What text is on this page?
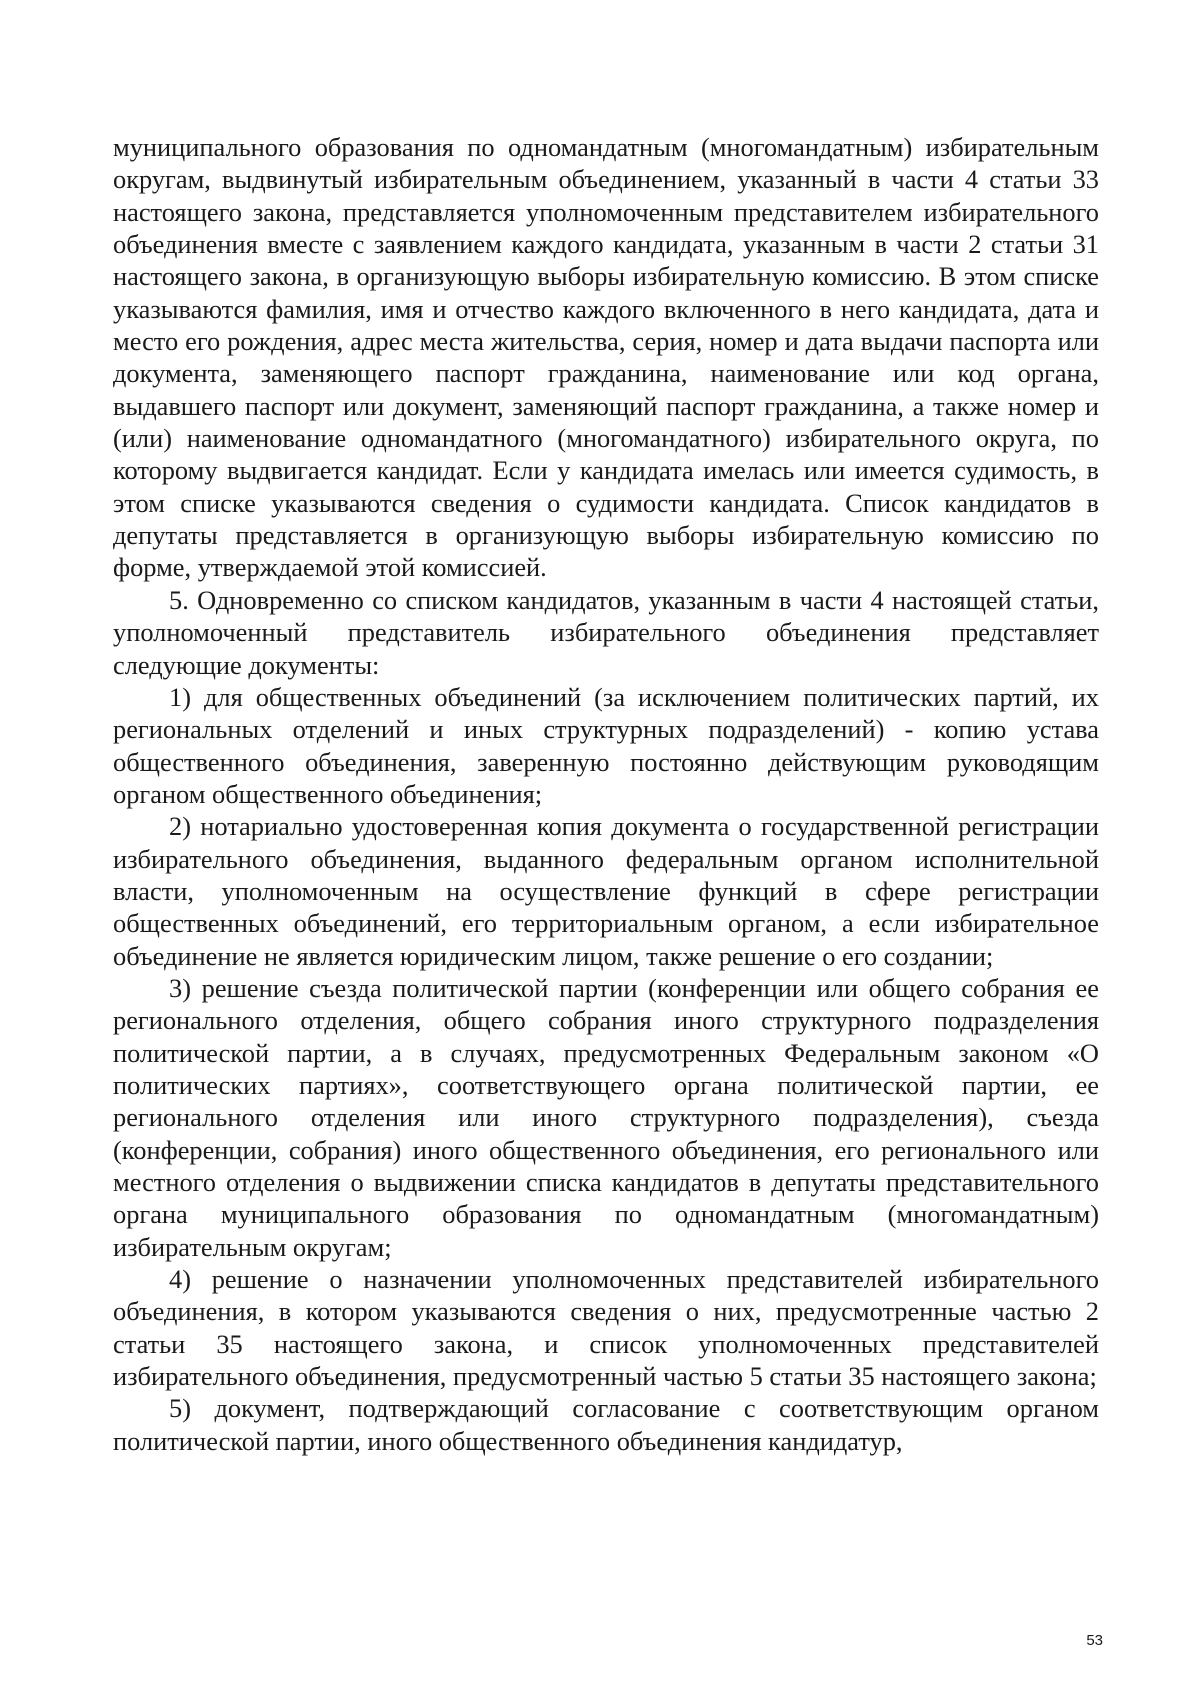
муниципального образования по одномандатным (многомандатным) избирательным округам, выдвинутый избирательным объединением, указанный в части 4 статьи 33 настоящего закона, представляется уполномоченным представителем избирательного объединения вместе с заявлением каждого кандидата, указанным в части 2 статьи 31 настоящего закона, в организующую выборы избирательную комиссию. В этом списке указываются фамилия, имя и отчество каждого включенного в него кандидата, дата и место его рождения, адрес места жительства, серия, номер и дата выдачи паспорта или документа, заменяющего паспорт гражданина, наименование или код органа, выдавшего паспорт или документ, заменяющий паспорт гражданина, а также номер и (или) наименование одномандатного (многомандатного) избирательного округа, по которому выдвигается кандидат. Если у кандидата имелась или имеется судимость, в этом списке указываются сведения о судимости кандидата. Список кандидатов в депутаты представляется в организующую выборы избирательную комиссию по форме, утверждаемой этой комиссией.

5. Одновременно со списком кандидатов, указанным в части 4 настоящей статьи, уполномоченный представитель избирательного объединения представляет следующие документы:

1) для общественных объединений (за исключением политических партий, их региональных отделений и иных структурных подразделений) - копию устава общественного объединения, заверенную постоянно действующим руководящим органом общественного объединения;

2) нотариально удостоверенная копия документа о государственной регистрации избирательного объединения, выданного федеральным органом исполнительной власти, уполномоченным на осуществление функций в сфере регистрации общественных объединений, его территориальным органом, а если избирательное объединение не является юридическим лицом, также решение о его создании;

3) решение съезда политической партии (конференции или общего собрания ее регионального отделения, общего собрания иного структурного подразделения политической партии, а в случаях, предусмотренных Федеральным законом «О политических партиях», соответствующего органа политической партии, ее регионального отделения или иного структурного подразделения), съезда (конференции, собрания) иного общественного объединения, его регионального или местного отделения о выдвижении списка кандидатов в депутаты представительного органа муниципального образования по одномандатным (многомандатным) избирательным округам;

4) решение о назначении уполномоченных представителей избирательного объединения, в котором указываются сведения о них, предусмотренные частью 2 статьи 35 настоящего закона, и список уполномоченных представителей избирательного объединения, предусмотренный частью 5 статьи 35 настоящего закона;

5) документ, подтверждающий согласование с соответствующим органом политической партии, иного общественного объединения кандидатур,

53
